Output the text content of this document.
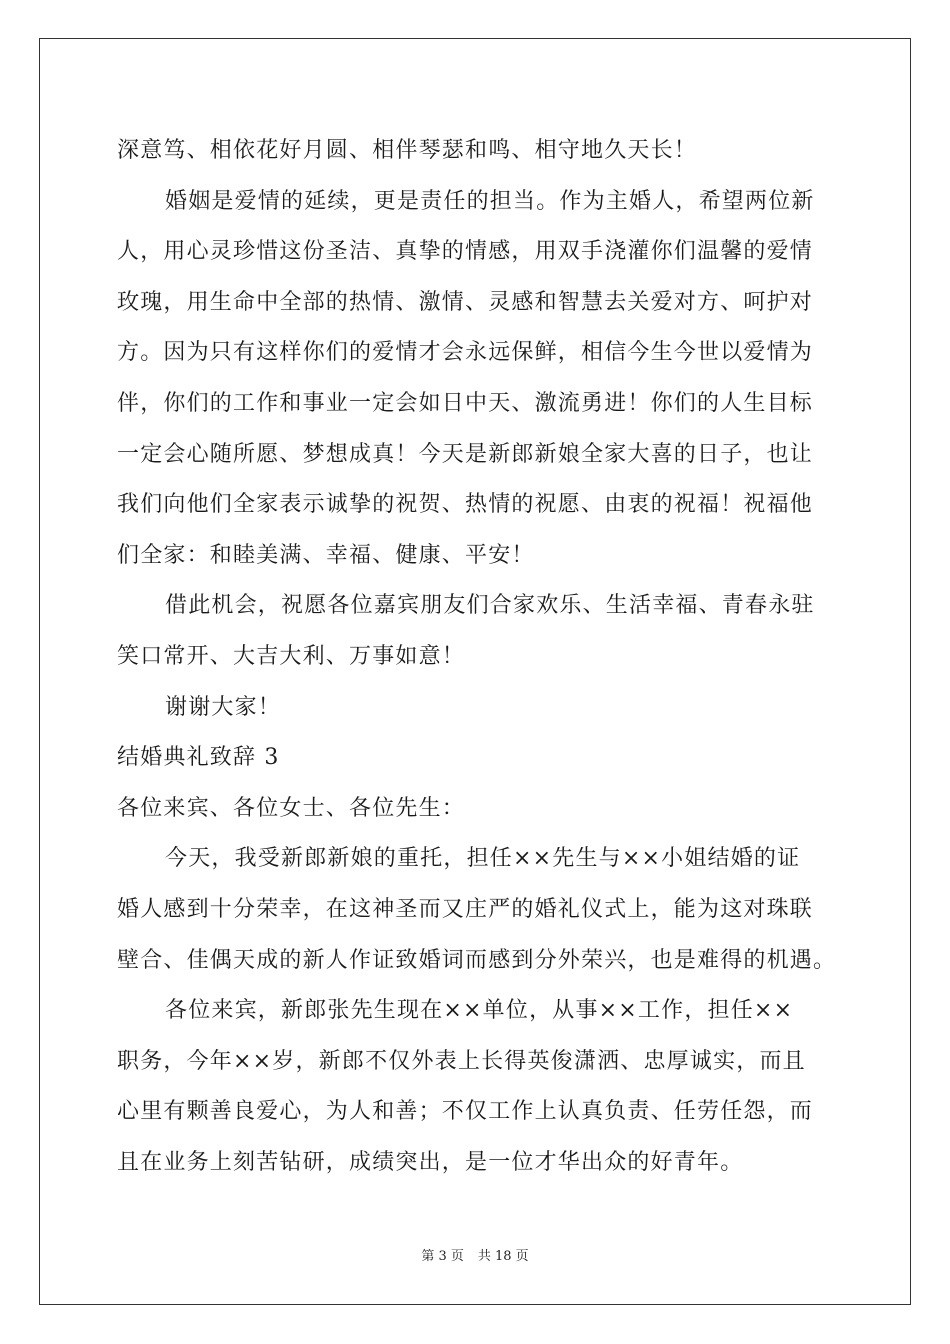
深意笃、相依花好月圆、相伴琴瑟和鸣、相守地久天长！
婚姻是爱情的延续，更是责任的担当。作为主婚人，希望两位新
人，用心灵珍惜这份圣洁、真挚的情感，用双手浇灌你们温馨的爱情
玫瑰，用生命中全部的热情、激情、灵感和智慧去关爱对方、呵护对
方。因为只有这样你们的爱情才会永远保鲜，相信今生今世以爱情为
伴，你们的工作和事业一定会如日中天、激流勇进！你们的人生目标
一定会心随所愿、梦想成真！今天是新郎新娘全家大喜的日子，也让
我们向他们全家表示诚挚的祝贺、热情的祝愿、由衷的祝福！祝福他
们全家：和睦美满、幸福、健康、平安！
借此机会，祝愿各位嘉宾朋友们合家欢乐、生活幸福、青春永驻
笑口常开、大吉大利、万事如意！
谢谢大家！
结婚典礼致辞 3
各位来宾、各位女士、各位先生：
今天，我受新郎新娘的重托，担任××先生与××小姐结婚的证
婚人感到十分荣幸，在这神圣而又庄严的婚礼仪式上，能为这对珠联
壁合、佳偶天成的新人作证致婚词而感到分外荣兴，也是难得的机遇。
各位来宾，新郎张先生现在××单位，从事××工作，担任××
职务，今年××岁，新郎不仅外表上长得英俊潇洒、忠厚诚实，而且
心里有颗善良爱心，为人和善；不仅工作上认真负责、任劳任怨，而
且在业务上刻苦钻研，成绩突出，是一位才华出众的好青年。
第 3 页 共 18 页
